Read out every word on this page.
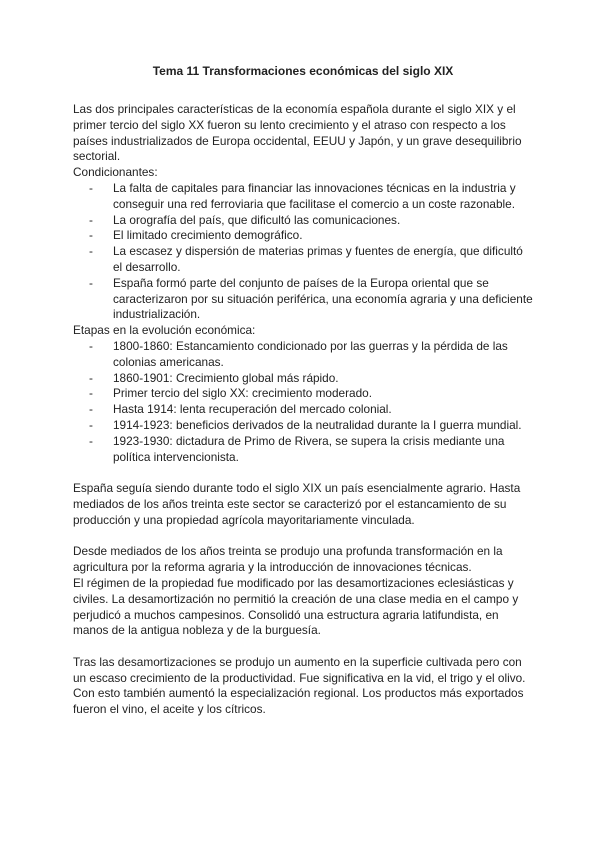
Tema 11 Transformaciones económicas del siglo XIX

Las dos principales características de la economía española durante el siglo XIX y el primer tercio del siglo XX fueron su lento crecimiento y el atraso con respecto a los países industrializados de Europa occidental, EEUU y Japón, y un grave desequilibrio sectorial.

Condicionantes:

- La falta de capitales para financiar las innovaciones técnicas en la industria y conseguir una red ferroviaria que facilitase el comercio a un coste razonable.
- La orografía del país, que dificultó las comunicaciones.
- El limitado crecimiento demográfico.
- La escasez y dispersión de materias primas y fuentes de energía, que dificultó el desarrollo.
- España formó parte del conjunto de países de la Europa oriental que se caracterizaron por su situación periférica, una economía agraria y una deficiente industrialización.

Etapas en la evolución económica:

- 1800-1860: Estancamiento condicionado por las guerras y la pérdida de las colonias americanas.
- 1860-1901: Crecimiento global más rápido.
- Primer tercio del siglo XX: crecimiento moderado.
- Hasta 1914: lenta recuperación del mercado colonial.
- 1914-1923: beneficios derivados de la neutralidad durante la I guerra mundial.
- 1923-1930: dictadura de Primo de Rivera, se supera la crisis mediante una política intervencionista.

España seguía siendo durante todo el siglo XIX un país esencialmente agrario. Hasta mediados de los años treinta este sector se caracterizó por el estancamiento de su producción y una propiedad agrícola mayoritariamente vinculada.

Desde mediados de los años treinta se produjo una profunda transformación en la agricultura por la reforma agraria y la introducción de innovaciones técnicas.

El régimen de la propiedad fue modificado por las desamortizaciones eclesiásticas y civiles. La desamortización no permitió la creación de una clase media en el campo y perjudicó a muchos campesinos. Consolidó una estructura agraria latifundista, en manos de la antigua nobleza y de la burguesía.

Tras las desamortizaciones se produjo un aumento en la superficie cultivada pero con un escaso crecimiento de la productividad. Fue significativa en la vid, el trigo y el olivo.

Con esto también aumentó la especialización regional. Los productos más exportados fueron el vino, el aceite y los cítricos.
